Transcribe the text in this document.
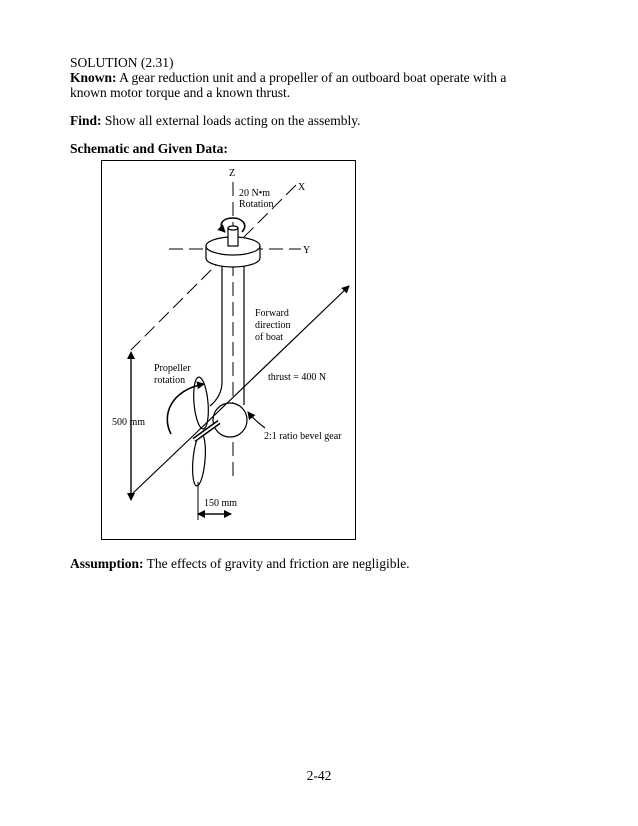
SOLUTION (2.31)
Known: A gear reduction unit and a propeller of an outboard boat operate with a
known motor torque and a known thrust.
Find: Show all external loads acting on the assembly.
Schematic and Given Data:
Z
X
Y
20 N•m
Rotation
Forward
direction
of boat
Propeller
rotation	thrust = 400 N
500 mm
2:1 ratio bevel gear
150 mm
Assumption: The effects of gravity and friction are negligible.
2-42
